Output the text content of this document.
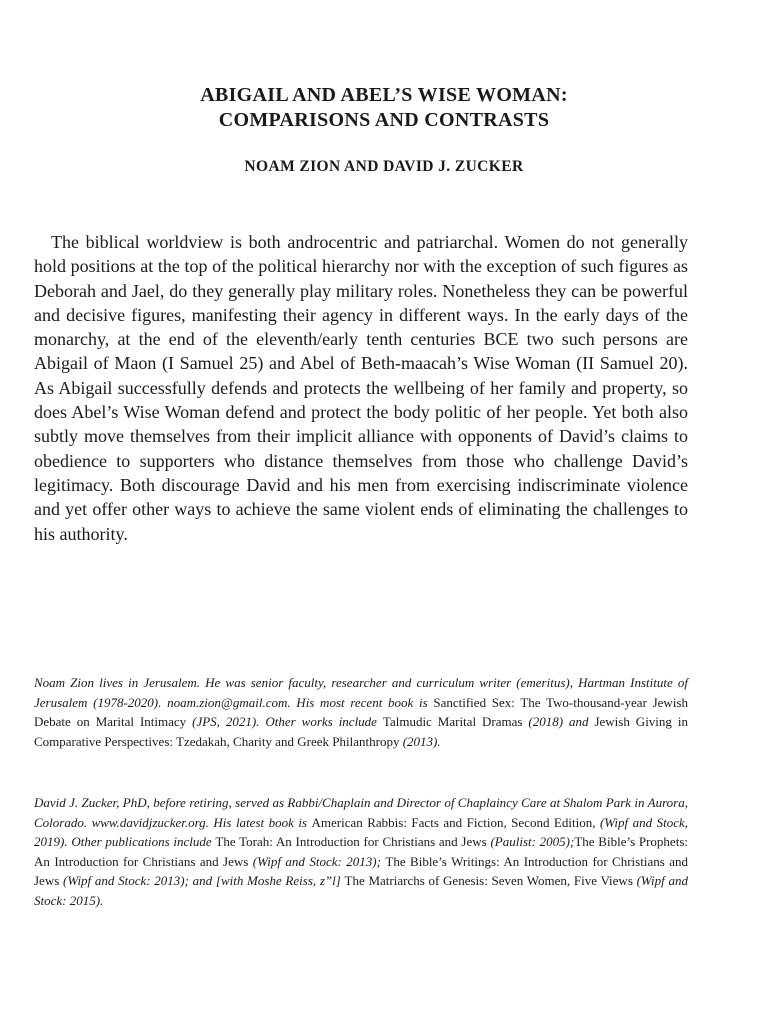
ABIGAIL AND ABEL’S WISE WOMAN:
COMPARISONS AND CONTRASTS

NOAM ZION AND DAVID J. ZUCKER

The biblical worldview is both androcentric and patriarchal. Women do not generally hold positions at the top of the political hierarchy nor with the exception of such figures as Deborah and Jael, do they generally play military roles. Nonetheless they can be powerful and decisive figures, manifesting their agency in different ways. In the early days of the monarchy, at the end of the eleventh/early tenth centuries BCE two such persons are Abigail of Maon (I Samuel 25) and Abel of Beth-maacah’s Wise Woman (II Samuel 20). As Abigail successfully defends and protects the wellbeing of her family and property, so does Abel’s Wise Woman defend and protect the body politic of her people. Yet both also subtly move themselves from their implicit alliance with opponents of David’s claims to obedience to supporters who distance themselves from those who challenge David’s legitimacy. Both discourage David and his men from exercising indiscriminate violence and yet offer other ways to achieve the same violent ends of eliminating the challenges to his authority.

Noam Zion lives in Jerusalem. He was senior faculty, researcher and curriculum writer (emeritus), Hartman Institute of Jerusalem (1978-2020). noam.zion@gmail.com. His most recent book is Sanctified Sex: The Two-thousand-year Jewish Debate on Marital Intimacy (JPS, 2021). Other works include Talmudic Marital Dramas (2018) and Jewish Giving in Comparative Perspectives: Tzedakah, Charity and Greek Philanthropy (2013).

David J. Zucker, PhD, before retiring, served as Rabbi/Chaplain and Director of Chaplaincy Care at Shalom Park in Aurora, Colorado. www.davidjzucker.org. His latest book is American Rabbis: Facts and Fiction, Second Edition, (Wipf and Stock, 2019). Other publications include The Torah: An Introduction for Christians and Jews (Paulist: 2005);The Bible’s Prophets: An Introduction for Christians and Jews (Wipf and Stock: 2013); The Bible’s Writings: An Introduction for Christians and Jews (Wipf and Stock: 2013); and [with Moshe Reiss, z”l] The Matriarchs of Genesis: Seven Women, Five Views (Wipf and Stock: 2015).
